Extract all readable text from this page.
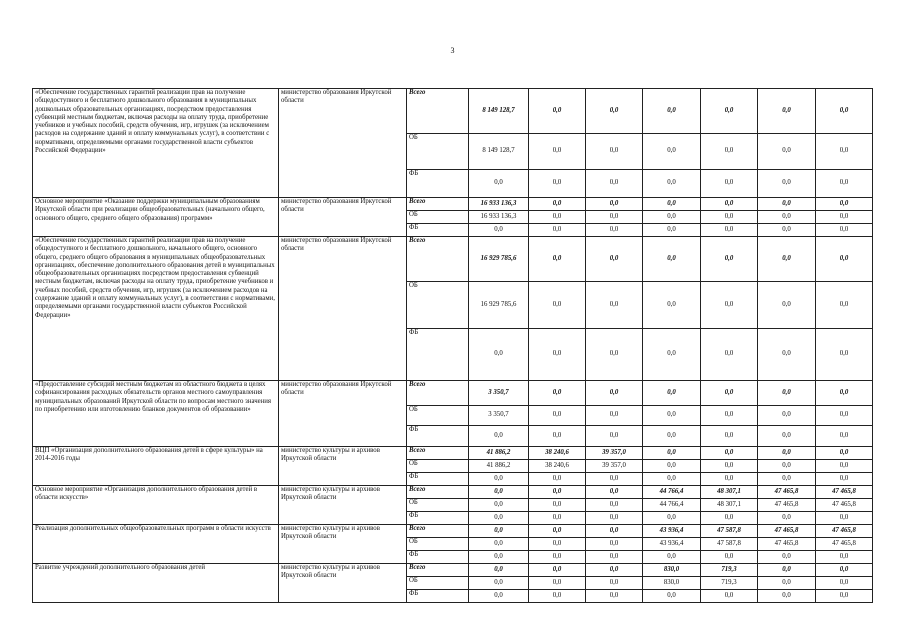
3
«Обеспечение государственных гарантий реализации прав на получение общедоступного и бесплатного дошкольного образования в муниципальных дошкольных образовательных организациях, посредством предоставления субвенций местным бюджетам, включая расходы на оплату труда, приобретение учебников и учебных пособий, средств обучения, игр, игрушек (за исключением расходов на содержание зданий и оплату коммунальных услуг), в соответствии с нормативами, определяемыми органами государственной власти субъектов Российской Федерации»	министерство образования Иркутской области	Всего	8 149 128,7	0,0	0,0	0,0	0,0	0,0	0,0
		ОБ	8 149 128,7	0,0	0,0	0,0	0,0	0,0	0,0
		ФБ	0,0	0,0	0,0	0,0	0,0	0,0	0,0
Основное мероприятие «Оказание поддержки муниципальным образованиям Иркутской области при реализации общеобразовательных (начального общего, основного общего, среднего общего образования) программ»	министерство образования Иркутской области	Всего	16 933 136,3	0,0	0,0	0,0	0,0	0,0	0,0
		ОБ	16 933 136,3	0,0	0,0	0,0	0,0	0,0	0,0
		ФБ	0,0	0,0	0,0	0,0	0,0	0,0	0,0
«Обеспечение государственных гарантий реализации прав на получение общедоступного и бесплатного дошкольного, начального общего, основного общего, среднего общего образования в муниципальных общеобразовательных организациях, обеспечение дополнительного образования детей в муниципальных общеобразовательных организациях посредством предоставления субвенций местным бюджетам, включая расходы на оплату труда, приобретение учебников и учебных пособий, средств обучения, игр, игрушек (за исключением расходов на содержание зданий и оплату коммунальных услуг), в соответствии с нормативами, определяемыми органами государственной власти субъектов Российской Федерации»	министерство образования Иркутской области	Всего	16 929 785,6	0,0	0,0	0,0	0,0	0,0	0,0
		ОБ	16 929 785,6	0,0	0,0	0,0	0,0	0,0	0,0
		ФБ	0,0	0,0	0,0	0,0	0,0	0,0	0,0
«Предоставление субсидий местным бюджетам из областного бюджета в целях софинансирования расходных обязательств органов местного самоуправления муниципальных образований Иркутской области по вопросам местного значения по приобретению или изготовлению бланков документов об образовании»	министерство образования Иркутской области	Всего	3 350,7	0,0	0,0	0,0	0,0	0,0	0,0
		ОБ	3 350,7	0,0	0,0	0,0	0,0	0,0	0,0
		ФБ	0,0	0,0	0,0	0,0	0,0	0,0	0,0
ВЦП «Организация дополнительного образования детей в сфере культуры» на 2014-2016 годы	министерство культуры и архивов Иркутской области	Всего	41 886,2	38 240,6	39 357,0	0,0	0,0	0,0	0,0
		ОБ	41 886,2	38 240,6	39 357,0	0,0	0,0	0,0	0,0
		ФБ	0,0	0,0	0,0	0,0	0,0	0,0	0,0
Основное мероприятие «Организация дополнительного образования детей в области искусств»	министерство культуры и архивов Иркутской области	Всего	0,0	0,0	0,0	44 766,4	48 307,1	47 465,8	47 465,8
		ОБ	0,0	0,0	0,0	44 766,4	48 307,1	47 465,8	47 465,8
		ФБ	0,0	0,0	0,0	0,0	0,0	0,0	0,0
Реализация дополнительных общеобразовательных программ в области искусств	министерство культуры и архивов Иркутской области	Всего	0,0	0,0	0,0	43 936,4	47 587,8	47 465,8	47 465,8
		ОБ	0,0	0,0	0,0	43 936,4	47 587,8	47 465,8	47 465,8
		ФБ	0,0	0,0	0,0	0,0	0,0	0,0	0,0
Развитие учреждений дополнительного образования детей	министерство культуры и архивов Иркутской области	Всего	0,0	0,0	0,0	830,0	719,3	0,0	0,0
		ОБ	0,0	0,0	0,0	830,0	719,3	0,0	0,0
		ФБ	0,0	0,0	0,0	0,0	0,0	0,0	0,0
